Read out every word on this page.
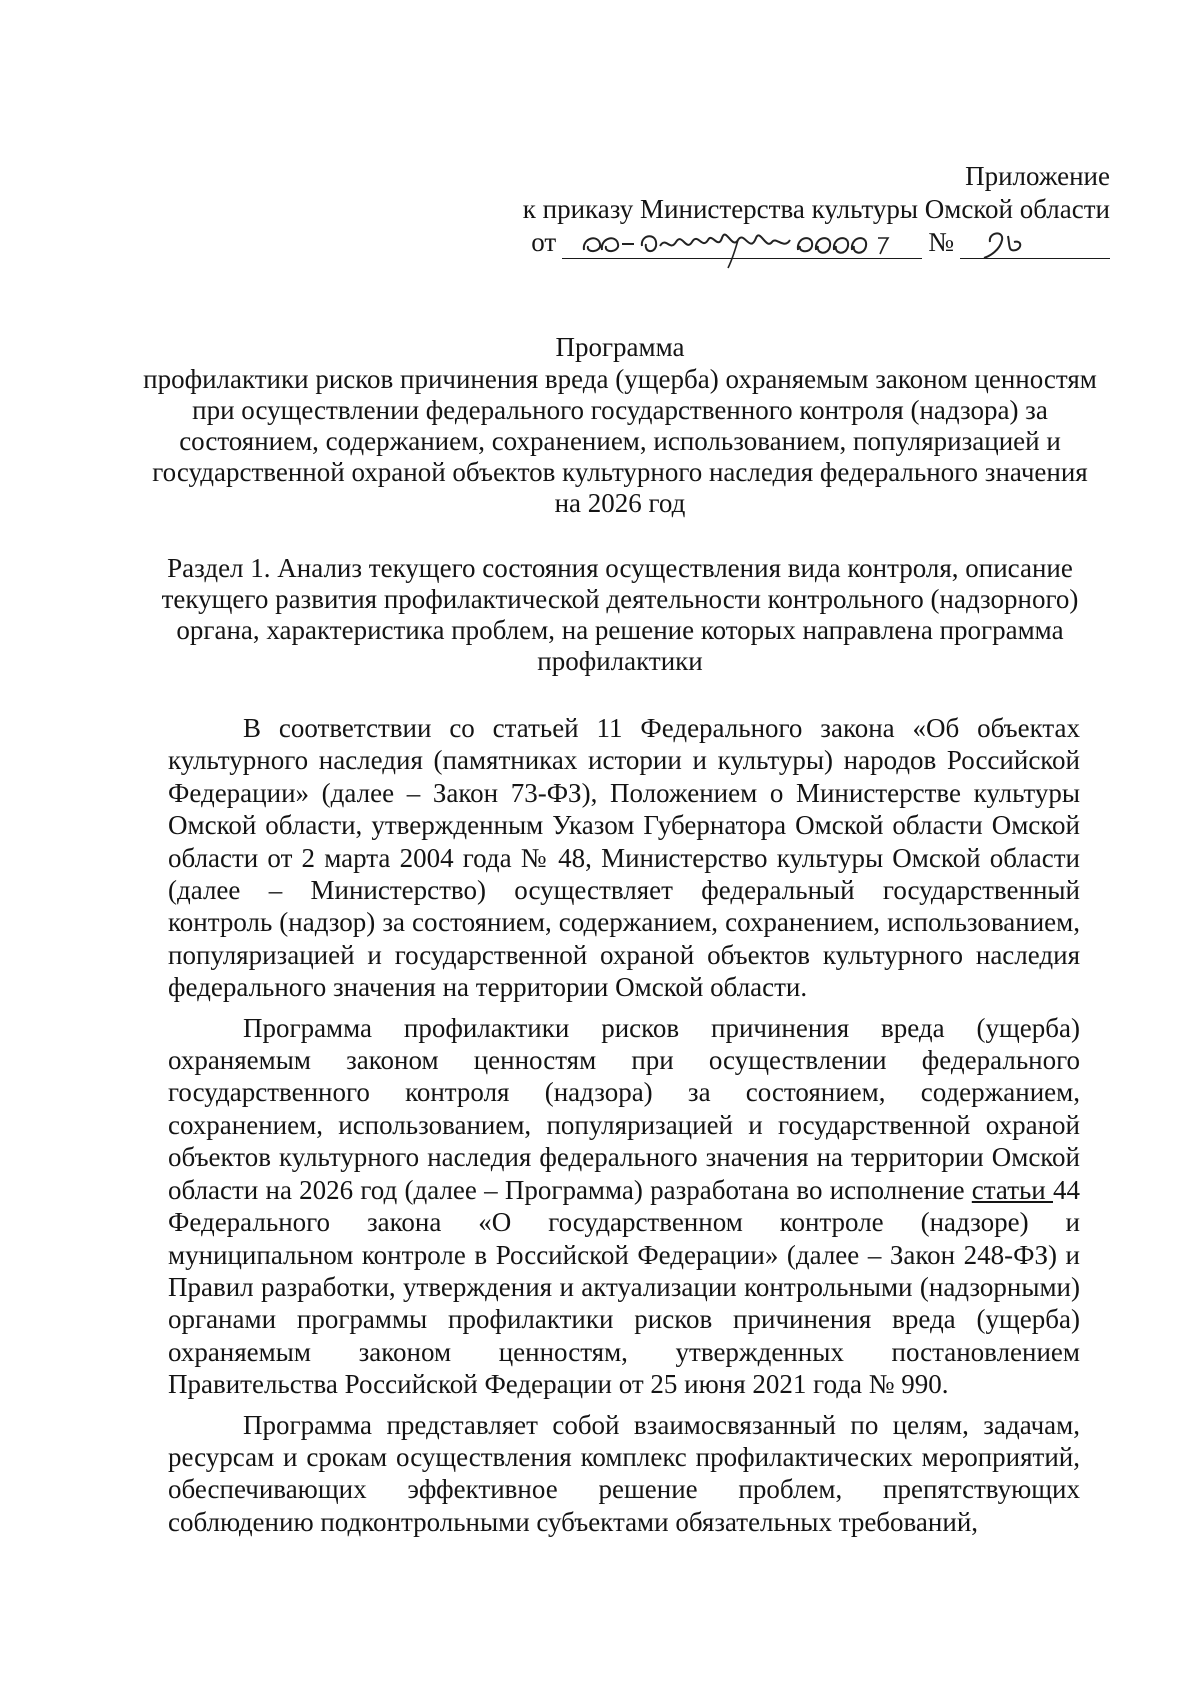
Приложение
к приказу Министерства культуры Омской области
от	№
Программа
профилактики рисков причинения вреда (ущерба) охраняемым законом ценностям при осуществлении федерального государственного контроля (надзора) за состоянием, содержанием, сохранением, использованием, популяризацией и государственной охраной объектов культурного наследия федерального значения на 2026 год
Раздел 1. Анализ текущего состояния осуществления вида контроля, описание текущего развития профилактической деятельности контрольного (надзорного) органа, характеристика проблем, на решение которых направлена программа профилактики

В соответствии со статьей 11 Федерального закона «Об объектах культурного наследия (памятниках истории и культуры) народов Российской Федерации» (далее – Закон 73-ФЗ), Положением о Министерстве культуры Омской области, утвержденным Указом Губернатора Омской области Омской области от 2 марта 2004 года № 48, Министерство культуры Омской области (далее – Министерство) осуществляет федеральный государственный контроль (надзор) за состоянием, содержанием, сохранением, использованием, популяризацией и государственной охраной объектов культурного наследия федерального значения на территории Омской области.

Программа профилактики рисков причинения вреда (ущерба) охраняемым законом ценностям при осуществлении федерального государственного контроля (надзора) за состоянием, содержанием, сохранением, использованием, популяризацией и государственной охраной объектов культурного наследия федерального значения на территории Омской области на 2026 год (далее – Программа) разработана во исполнение статьи 44 Федерального закона «О государственном контроле (надзоре) и муниципальном контроле в Российской Федерации» (далее – Закон 248-ФЗ) и Правил разработки, утверждения и актуализации контрольными (надзорными) органами программы профилактики рисков причинения вреда (ущерба) охраняемым законом ценностям, утвержденных постановлением Правительства Российской Федерации от 25 июня 2021 года № 990.

Программа представляет собой взаимосвязанный по целям, задачам, ресурсам и срокам осуществления комплекс профилактических мероприятий, обеспечивающих эффективное решение проблем, препятствующих соблюдению подконтрольными субъектами обязательных требований,
